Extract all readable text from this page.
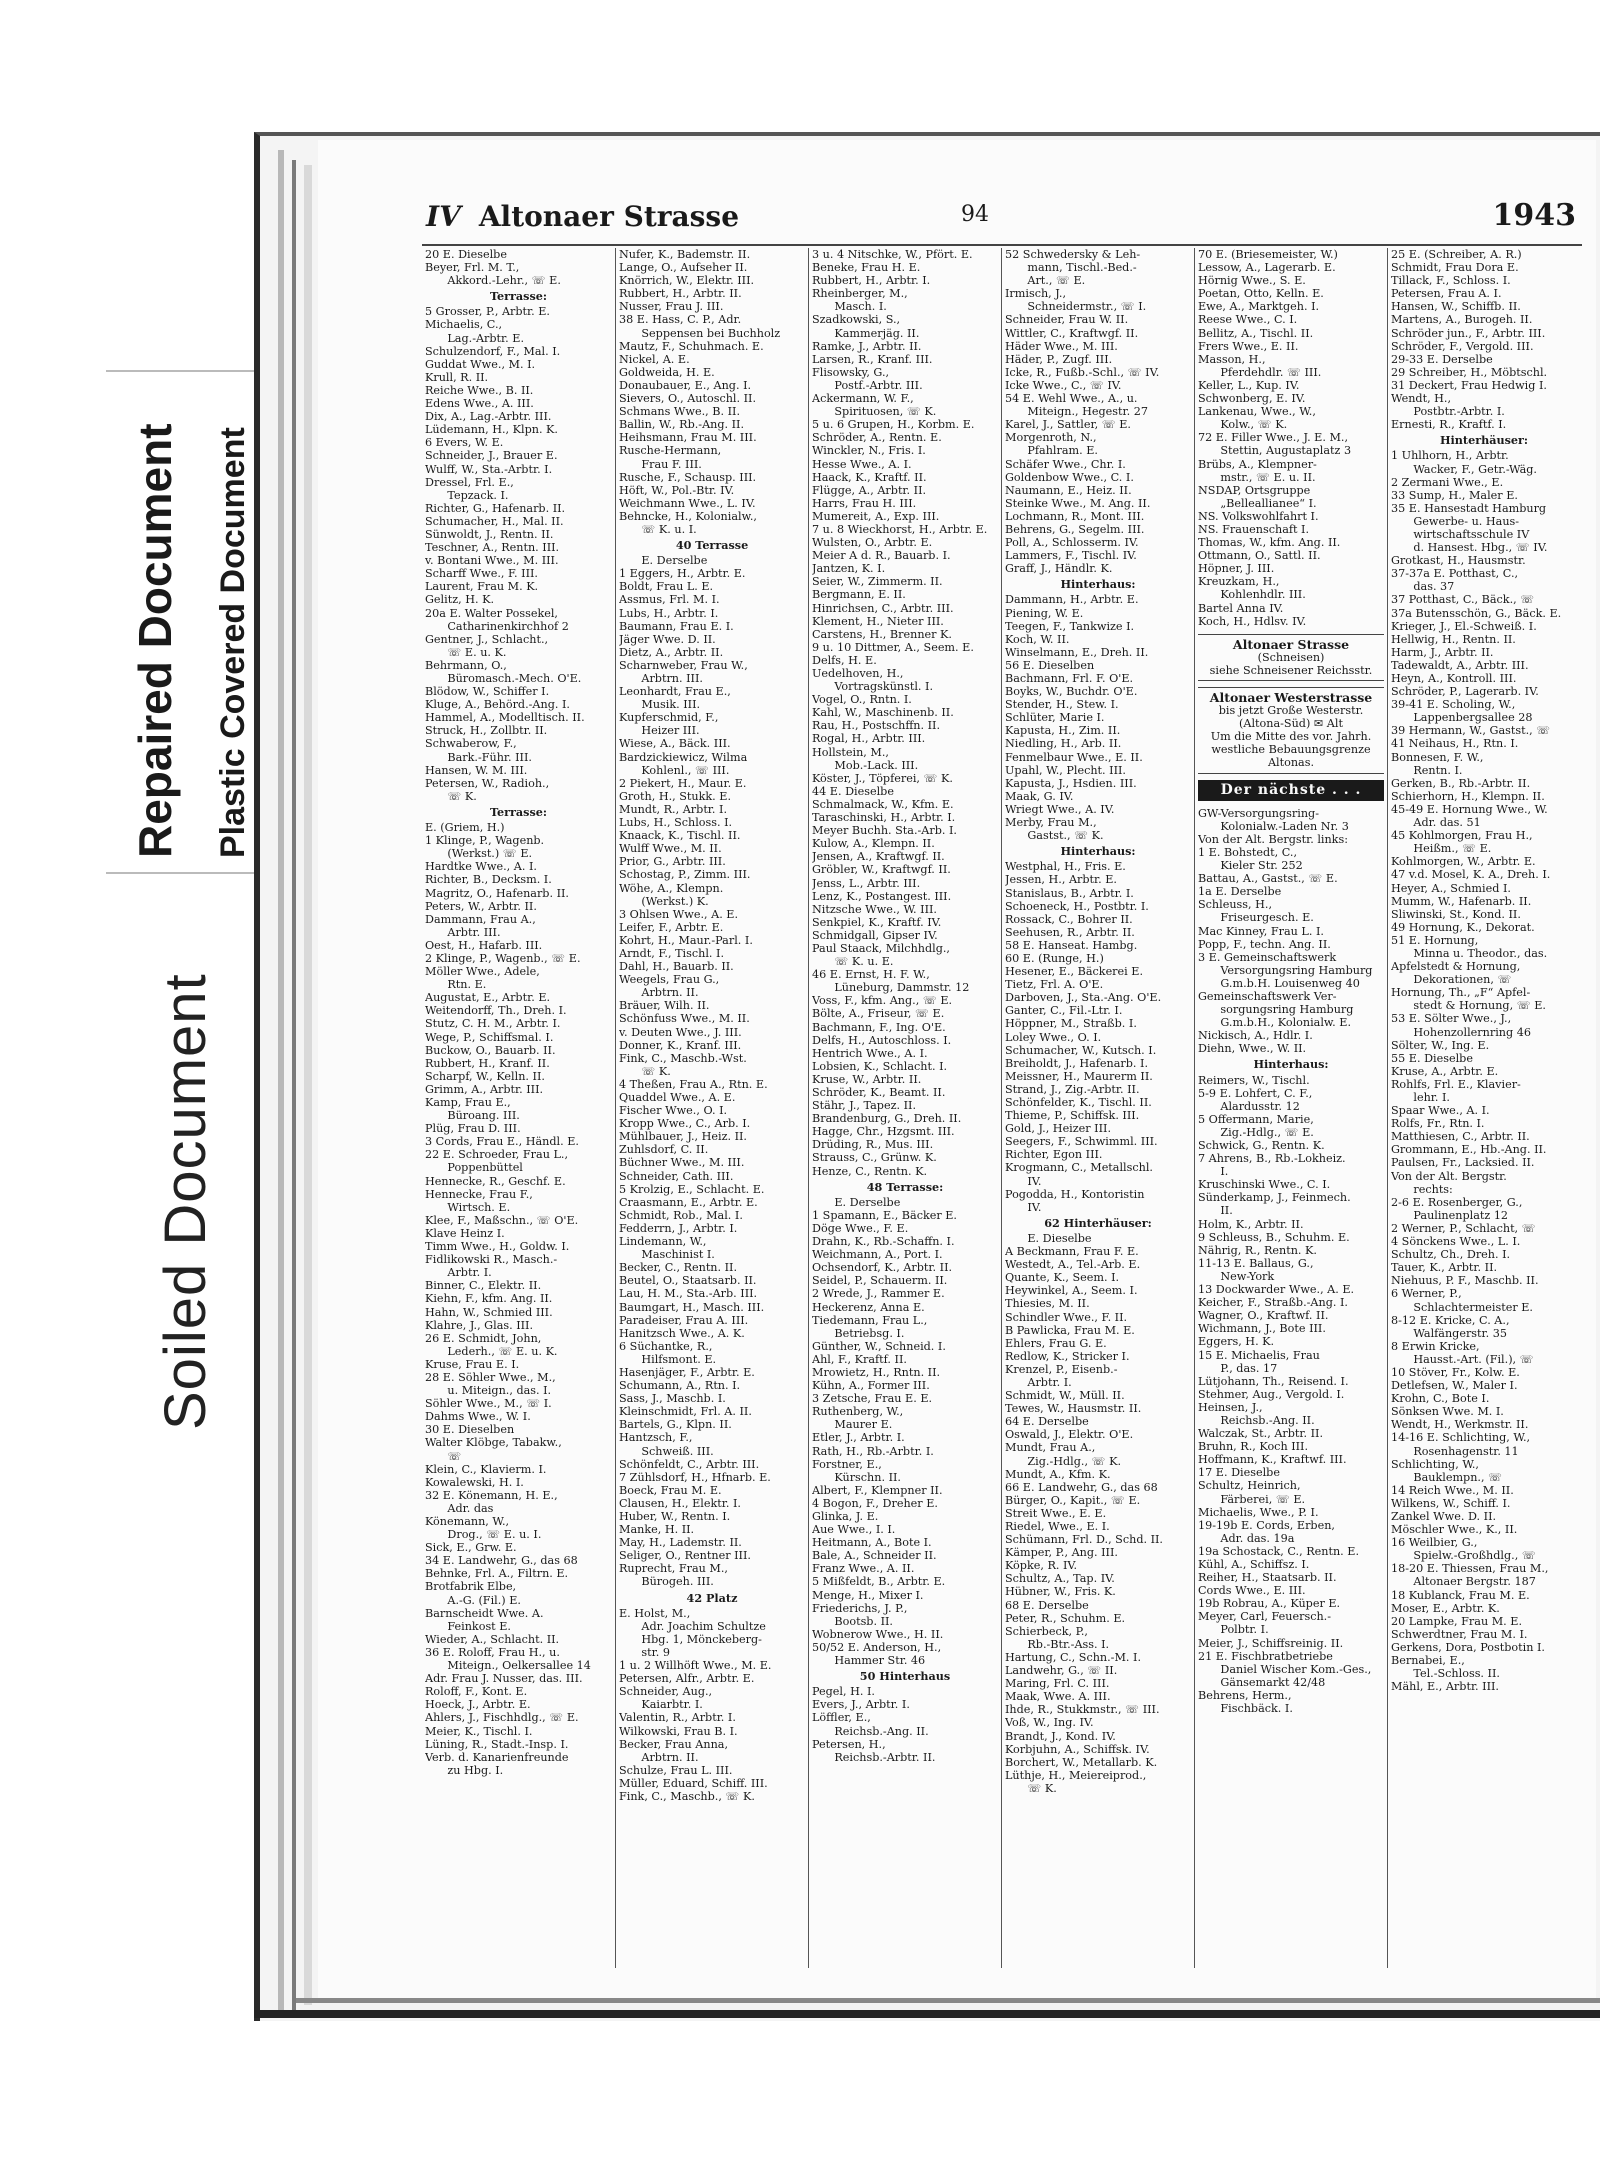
Repaired Document Plastic Covered Document
Soiled Document
IV Altonaer Strasse	94	1943
20 E. Dieselbe
Beyer, Frl. M. T.,
  Akkord.-Lehr., ☏ E.
Terrasse:
5 Grosser, P., Arbtr. E.
Michaelis, C.,
  Lag.-Arbtr. E.
Schulzendorf, F., Mal. I.
Guddat Wwe., M. I.
Krull, R. II.
Reiche Wwe., B. II.
Edens Wwe., A. III.
Dix, A., Lag.-Arbtr. III.
Lüdemann, H., Klpn. K.
6 Evers, W. E.
Schneider, J., Brauer E.
Wulff, W., Sta.-Arbtr. I.
Dressel, Frl. E.,
  Tepzack. I.
Richter, G., Hafenarb. II.
Schumacher, H., Mal. II.
Sünwoldt, J., Rentn. II.
Teschner, A., Rentn. III.
v. Bontani Wwe., M. III.
Scharff Wwe., F. III.
Laurent, Frau M. K.
Gelitz, H. K.
20a E. Walter Possekel,
  Catharinenkirchhof 2
Gentner, J., Schlacht.,
  ☏ E. u. K.
Behrmann, O.,
  Büromasch.-Mech. O'E.
Blödow, W., Schiffer I.
Kluge, A., Behörd.-Ang. I.
Hammel, A., Modelltisch. II.
Struck, H., Zollbtr. II.
Schwaberow, F.,
  Bark.-Führ. III.
Hansen, W. M. III.
Petersen, W., Radioh.,
  ☏ K.
Terrasse:
E. (Griem, H.)
1 Klinge, P., Wagenb.
  (Werkst.) ☏ E.
Hardtke Wwe., A. I.
Richter, B., Decksm. I.
Magritz, O., Hafenarb. II.
Peters, W., Arbtr. II.
Dammann, Frau A.,
  Arbtr. III.
Oest, H., Hafarb. III.
2 Klinge, P., Wagenb., ☏ E.
Möller Wwe., Adele,
  Rtn. E.
Augustat, E., Arbtr. E.
Weitendorff, Th., Dreh. I.
Stutz, C. H. M., Arbtr. I.
Wege, P., Schiffsmal. I.
Buckow, O., Bauarb. II.
Rubbert, H., Kranf. II.
Scharpf, W., Kelln. II.
Grimm, A., Arbtr. III.
Kamp, Frau E.,
  Büroang. III.
Plüg, Frau D. III.
3 Cords, Frau E., Händl. E.
22 E. Schroeder, Frau L.,
  Poppenbüttel
Hennecke, R., Geschf. E.
Hennecke, Frau F.,
  Wirtsch. E.
Klee, F., Maßschn., ☏ O'E.
Klave Heinz I.
Timm Wwe., H., Goldw. I.
Fidlikowski R., Masch.-
  Arbtr. I.
Binner, C., Elektr. II.
Kiehn, F., kfm. Ang. II.
Hahn, W., Schmied III.
Klahre, J., Glas. III.
26 E. Schmidt, John,
  Lederh., ☏ E. u. K.
Kruse, Frau E. I.
28 E. Söhler Wwe., M.,
  u. Miteign., das. I.
Söhler Wwe., M., ☏ I.
Dahms Wwe., W. I.
30 E. Dieselben
Walter Klöbge, Tabakw.,
  ☏
Klein, C., Klavierm. I.
Kowalewski, H. I.
32 E. Könemann, H. E.,
  Adr. das
Könemann, W.,
  Drog., ☏ E. u. I.
Sick, E., Grw. E.
34 E. Landwehr, G., das 68
Behnke, Frl. A., Filtrn. E.
Brotfabrik Elbe,
  A.-G. (Fil.) E.
Barnscheidt Wwe. A.
  Feinkost E.
Wieder, A., Schlacht. II.
36 E. Roloff, Frau H., u.
  Miteign., Oelkersallee 14
Adr. Frau J. Nusser, das. III.
Roloff, F., Kont. E.
Hoeck, J., Arbtr. E.
Ahlers, J., Fischhdlg., ☏ E.
Meier, K., Tischl. I.
Lüning, R., Stadt.-Insp. I.
Verb. d. Kanarienfreunde
  zu Hbg. I.
Nufer, K., Bademstr. II.
Lange, O., Aufseher II.
Knörrich, W., Elektr. III.
Rubbert, H., Arbtr. II.
Nusser, Frau J. III.
38 E. Hass, C. P., Adr.
  Seppensen bei Buchholz
Mautz, F., Schuhmach. E.
Nickel, A. E.
Goldweida, H. E.
Donaubauer, E., Ang. I.
Sievers, O., Autoschl. II.
Schmans Wwe., B. II.
Ballin, W., Rb.-Ang. II.
Heihsmann, Frau M. III.
Rusche-Hermann,
  Frau F. III.
Rusche, F., Schausp. III.
Höft, W., Pol.-Btr. IV.
Weichmann Wwe., L. IV.
Behncke, H., Kolonialw.,
  ☏ K. u. I.
40 Terrasse
  E. Derselbe
1 Eggers, H., Arbtr. E.
Boldt, Frau L. E.
Assmus, Frl. M. I.
Lubs, H., Arbtr. I.
Baumann, Frau E. I.
Jäger Wwe. D. II.
Dietz, A., Arbtr. II.
Scharnweber, Frau W.,
  Arbtrn. III.
Leonhardt, Frau E.,
  Musik. III.
Kupferschmid, F.,
  Heizer III.
Wiese, A., Bäck. III.
Bardzickiewicz, Wilma
  Kohlenl., ☏ III.
2 Piekert, H., Maur. E.
Groth, H., Stukk. E.
Mundt, R., Arbtr. I.
Lubs, H., Schloss. I.
Knaack, K., Tischl. II.
Wulff Wwe., M. II.
Prior, G., Arbtr. III.
Schostag, P., Zimm. III.
Wöhe, A., Klempn.
  (Werkst.) K.
3 Ohlsen Wwe., A. E.
Leifer, F., Arbtr. E.
Kohrt, H., Maur.-Parl. I.
Arndt, F., Tischl. I.
Dahl, H., Bauarb. II.
Weegels, Frau G.,
  Arbtrn. II.
Bräuer, Wilh. II.
Schönfuss Wwe., M. II.
v. Deuten Wwe., J. III.
Donner, K., Kranf. III.
Fink, C., Maschb.-Wst.
  ☏ K.
4 Theßen, Frau A., Rtn. E.
Quaddel Wwe., A. E.
Fischer Wwe., O. I.
Kropp Wwe., C., Arb. I.
Mühlbauer, J., Heiz. II.
Zuhlsdorf, C. II.
Büchner Wwe., M. III.
Schneider, Cath. III.
5 Krolzig, E., Schlacht. E.
Craasmann, E., Arbtr. E.
Schmidt, Rob., Mal. I.
Fedderrn, J., Arbtr. I.
Lindemann, W.,
  Maschinist I.
Becker, C., Rentn. II.
Beutel, O., Staatsarb. II.
Lau, H. M., Sta.-Arb. III.
Baumgart, H., Masch. III.
Paradeiser, Frau A. III.
Hanitzsch Wwe., A. K.
6 Süchantke, R.,
  Hilfsmont. E.
Hasenjäger, F., Arbtr. E.
Schumann, A., Rtn. I.
Sass, J., Maschb. I.
Kleinschmidt, Frl. A. II.
Bartels, G., Klpn. II.
Hantzsch, F.,
  Schweiß. III.
Schönfeldt, C., Arbtr. III.
7 Zühlsdorf, H., Hfnarb. E.
Boeck, Frau M. E.
Clausen, H., Elektr. I.
Huber, W., Rentn. I.
Manke, H. II.
May, H., Lademstr. II.
Seliger, O., Rentner III.
Ruprecht, Frau M.,
  Bürogeh. III.
42 Platz
E. Holst, M.,
  Adr. Joachim Schultze
  Hbg. 1, Mönckeberg-
  str. 9
1 u. 2 Willhöft Wwe., M. E.
Petersen, Alfr., Arbtr. E.
Schneider, Aug.,
  Kaiarbtr. I.
Valentin, R., Arbtr. I.
Wilkowski, Frau B. I.
Becker, Frau Anna,
  Arbtrn. II.
Schulze, Frau L. III.
Müller, Eduard, Schiff. III.
Fink, C., Maschb., ☏ K.
3 u. 4 Nitschke, W., Pfört. E.
Beneke, Frau H. E.
Rubbert, H., Arbtr. I.
Rheinberger, M.,
  Masch. I.
Szadkowski, S.,
  Kammerjäg. II.
Ramke, J., Arbtr. II.
Larsen, R., Kranf. III.
Flisowsky, G.,
  Postf.-Arbtr. III.
Ackermann, W. F.,
  Spirituosen, ☏ K.
5 u. 6 Grupen, H., Korbm. E.
Schröder, A., Rentn. E.
Winckler, N., Fris. I.
Hesse Wwe., A. I.
Haack, K., Kraftf. II.
Flügge, A., Arbtr. II.
Harrs, Frau H. III.
Mumereit, A., Exp. III.
7 u. 8 Wieckhorst, H., Arbtr. E.
Wulsten, O., Arbtr. E.
Meier A d. R., Bauarb. I.
Jantzen, K. I.
Seier, W., Zimmerm. II.
Bergmann, E. II.
Hinrichsen, C., Arbtr. III.
Klement, H., Nieter III.
Carstens, H., Brenner K.
9 u. 10 Dittmer, A., Seem. E.
Delfs, H. E.
Uedelhoven, H.,
  Vortragskünstl. I.
Vogel, O., Rntn. I.
Kahl, W., Maschinenb. II.
Rau, H., Postschffn. II.
Rogal, H., Arbtr. III.
Hollstein, M.,
  Mob.-Lack. III.
Köster, J., Töpferei, ☏ K.
44 E. Dieselbe
Schmalmack, W., Kfm. E.
Taraschinski, H., Arbtr. I.
Meyer Buchh. Sta.-Arb. I.
Kulow, A., Klempn. II.
Jensen, A., Kraftwgf. II.
Gröbler, W., Kraftwgf. II.
Jenss, L., Arbtr. III.
Lenz, K., Postangest. III.
Nitzsche Wwe., W. III.
Senkpiel, K., Kraftf. IV.
Schmidgall, Gipser IV.
Paul Staack, Milchhdlg.,
  ☏ K. u. E.
46 E. Ernst, H. F. W.,
  Lüneburg, Dammstr. 12
Voss, F., kfm. Ang., ☏ E.
Bölte, A., Friseur, ☏ E.
Bachmann, F., Ing. O'E.
Delfs, H., Autoschloss. I.
Hentrich Wwe., A. I.
Lobsien, K., Schlacht. I.
Kruse, W., Arbtr. II.
Schröder, K., Beamt. II.
Stähr, J., Tapez. II.
Brandenburg, G., Dreh. II.
Hagge, Chr., Hzgsmt. III.
Drüding, R., Mus. III.
Strauss, C., Grünw. K.
Henze, C., Rentn. K.
48 Terrasse:
  E. Derselbe
1 Spamann, E., Bäcker E.
Döge Wwe., F. E.
Drahn, K., Rb.-Schaffn. I.
Weichmann, A., Port. I.
Ochsendorf, K., Arbtr. II.
Seidel, P., Schauerm. II.
2 Wrede, J., Rammer E.
Heckerenz, Anna E.
Tiedemann, Frau L.,
  Betriebsg. I.
Günther, W., Schneid. I.
Ahl, F., Kraftf. II.
Mrowietz, H., Rntn. II.
Kühn, A., Former III.
3 Zetsche, Frau E. E.
Ruthenberg, W.,
  Maurer E.
Etler, J., Arbtr. I.
Rath, H., Rb.-Arbtr. I.
Forstner, E.,
  Kürschn. II.
Albert, F., Klempner II.
4 Bogon, F., Dreher E.
Glinka, J. E.
Aue Wwe., I. I.
Heitmann, A., Bote I.
Bale, A., Schneider II.
Franz Wwe., A. II.
5 Mißfeldt, B., Arbtr. E.
Menge, H., Mixer I.
Friederichs, J. P.,
  Bootsb. II.
Wobnerow Wwe., H. II.
50/52 E. Anderson, H.,
  Hammer Str. 46
50 Hinterhaus
Pegel, H. I.
Evers, J., Arbtr. I.
Löffler, E.,
  Reichsb.-Ang. II.
Petersen, H.,
  Reichsb.-Arbtr. II.
52 Schwedersky & Leh-
  mann, Tischl.-Bed.-
  Art., ☏ E.
Irmisch, J.,
  Schneidermstr., ☏ I.
Schneider, Frau W. II.
Wittler, C., Kraftwgf. II.
Häder Wwe., M. III.
Häder, P., Zugf. III.
Icke, R., Fußb.-Schl., ☏ IV.
Icke Wwe., C., ☏ IV.
54 E. Wehl Wwe., A., u.
  Miteign., Hegestr. 27
Karel, J., Sattler, ☏ E.
Morgenroth, N.,
  Pfahlram. E.
Schäfer Wwe., Chr. I.
Goldenbow Wwe., C. I.
Naumann, E., Heiz. II.
Steinke Wwe., M. Ang. II.
Lochmann, R., Mont. III.
Behrens, G., Segelm. III.
Poll, A., Schlosserm. IV.
Lammers, F., Tischl. IV.
Graff, J., Händlr. K.
Hinterhaus:
Dammann, H., Arbtr. E.
Piening, W. E.
Teegen, F., Tankwize I.
Koch, W. II.
Winselmann, E., Dreh. II.
56 E. Dieselben
Bachmann, Frl. F. O'E.
Boyks, W., Buchdr. O'E.
Stender, H., Stew. I.
Schlüter, Marie I.
Kapusta, H., Zim. II.
Niedling, H., Arb. II.
Fenmelbaur Wwe., E. II.
Upahl, W., Plecht. III.
Kapusta, J., Hsdien. III.
Maak, G. IV.
Wriegt Wwe., A. IV.
Merby, Frau M.,
  Gastst., ☏ K.
Hinterhaus:
Westphal, H., Fris. E.
Jessen, H., Arbtr. E.
Stanislaus, B., Arbtr. I.
Schoeneck, H., Postbtr. I.
Rossack, C., Bohrer II.
Seehusen, R., Arbtr. II.
58 E. Hanseat. Hambg.
60 E. (Runge, H.)
Hesener, E., Bäckerei E.
Tietz, Frl. A. O'E.
Darboven, J., Sta.-Ang. O'E.
Ganter, C., Fil.-Ltr. I.
Höppner, M., Straßb. I.
Loley Wwe., O. I.
Schumacher, W., Kutsch. I.
Breiholdt, J., Hafenarb. I.
Meissner, H., Maurerm II.
Strand, J., Zig.-Arbtr. II.
Schönfelder, K., Tischl. II.
Thieme, P., Schiffsk. III.
Gold, J., Heizer III.
Seegers, F., Schwimml. III.
Richter, Egon III.
Krogmann, C., Metallschl.
  IV.
Pogodda, H., Kontoristin
  IV.
62 Hinterhäuser:
  E. Dieselbe
A Beckmann, Frau F. E.
Westedt, A., Tel.-Arb. E.
Quante, K., Seem. I.
Heywinkel, A., Seem. I.
Thiesies, M. II.
Schindler Wwe., F. II.
B Pawlicka, Frau M. E.
Ehlers, Frau G. E.
Redlow, K., Stricker I.
Krenzel, P., Eisenb.-
  Arbtr. I.
Schmidt, W., Müll. II.
Tewes, W., Hausmstr. II.
64 E. Derselbe
Oswald, J., Elektr. O'E.
Mundt, Frau A.,
  Zig.-Hdlg., ☏ K.
Mundt, A., Kfm. K.
66 E. Landwehr, G., das 68
Bürger, O., Kapit., ☏ E.
Streit Wwe., E. E.
Riedel, Wwe., E. I.
Schümann, Frl. D., Schd. II.
Kämper, P., Ang. III.
Köpke, R. IV.
Schultz, A., Tap. IV.
Hübner, W., Fris. K.
68 E. Derselbe
Peter, R., Schuhm. E.
Schierbeck, P.,
  Rb.-Btr.-Ass. I.
Hartung, C., Schn.-M. I.
Landwehr, G., ☏ II.
Maring, Frl. C. III.
Maak, Wwe. A. III.
Ihde, R., Stukkmstr., ☏ III.
Voß, W., Ing. IV.
Brandt, J., Kond. IV.
Korbjuhn, A., Schiffsk. IV.
Borchert, W., Metallarb. K.
Lüthje, H., Meiereiprod.,
  ☏ K.
70 E. (Briesemeister, W.)
Lessow, A., Lagerarb. E.
Hörnig Wwe., S. E.
Poetan, Otto, Kelln. E.
Ewe, A., Marktgeh. I.
Reese Wwe., C. I.
Bellitz, A., Tischl. II.
Frers Wwe., E. II.
Masson, H.,
  Pferdehdlr. ☏ III.
Keller, L., Kup. IV.
Schwonberg, E. IV.
Lankenau, Wwe., W.,
  Kolw., ☏ K.
72 E. Filler Wwe., J. E. M.,
  Stettin, Augustaplatz 3
Brübs, A., Klempner-
  mstr., ☏ E. u. II.
NSDAP, Ortsgruppe
  „Belleallianee“ I.
NS. Volkswohlfahrt I.
NS. Frauenschaft I.
Thomas, W., kfm. Ang. II.
Ottmann, O., Sattl. II.
Höpner, J. III.
Kreuzkam, H.,
  Kohlenhdlr. III.
Bartel Anna IV.
Koch, H., Hdlsv. IV.
Altonaer Strasse
(Schneisen)
siehe Schneisener Reichsstr.
Altonaer Westerstrasse
bis jetzt Große Westerstr.
(Altona-Süd) ✉ Alt
Um die Mitte des vor. Jahrh.
westliche Bebauungsgrenze
Altonas.
Der nächste . . .
GW-Versorgungsring-
  Kolonialw.-Laden Nr. 3
Von der Alt. Bergstr. links:
1 E. Bohstedt, C.,
  Kieler Str. 252
Battau, A., Gastst., ☏ E.
1a E. Derselbe
Schleuss, H.,
  Friseurgesch. E.
Mac Kinney, Frau L. I.
Popp, F., techn. Ang. II.
3 E. Gemeinschaftswerk
  Versorgungsring Hamburg
  G.m.b.H. Louisenweg 40
Gemeinschaftswerk Ver-
  sorgungsring Hamburg
  G.m.b.H., Kolonialw. E.
Nickisch, A., Hdlr. I.
Diehn, Wwe., W. II.
Hinterhaus:
Reimers, W., Tischl.
5-9 E. Lohfert, C. F.,
  Alardusstr. 12
5 Offermann, Marie,
  Zig.-Hdlg., ☏ E.
Schwick, G., Rentn. K.
7 Ahrens, B., Rb.-Lokheiz.
  I.
Kruschinski Wwe., C. I.
Sünderkamp, J., Feinmech.
  II.
Holm, K., Arbtr. II.
9 Schleuss, B., Schuhm. E.
Nährig, R., Rentn. K.
11-13 E. Ballaus, G.,
  New-York
13 Dockwarder Wwe., A. E.
Keicher, F., Straßb.-Ang. I.
Wagner, O., Kraftwf. II.
Wichmann, J., Bote III.
Eggers, H. K.
15 E. Michaelis, Frau
  P., das. 17
Lütjohann, Th., Reisend. I.
Stehmer, Aug., Vergold. I.
Heinsen, J.,
  Reichsb.-Ang. II.
Walczak, St., Arbtr. II.
Bruhn, R., Koch III.
Hoffmann, K., Kraftwf. III.
17 E. Dieselbe
Schultz, Heinrich,
  Färberei, ☏ E.
Michaelis, Wwe., P. I.
19-19b E. Cords, Erben,
  Adr. das. 19a
19a Schostack, C., Rentn. E.
Kühl, A., Schiffsz. I.
Reiher, H., Staatsarb. II.
Cords Wwe., E. III.
19b Robrau, A., Küper E.
Meyer, Carl, Feuersch.-
  Polbtr. I.
Meier, J., Schiffsreinig. II.
21 E. Fischbratbetriebe
  Daniel Wischer Kom.-Ges.,
  Gänsemarkt 42/48
Behrens, Herm.,
  Fischbäck. I.
25 E. (Schreiber, A. R.)
Schmidt, Frau Dora E.
Tillack, F., Schloss. I.
Petersen, Frau A. I.
Hansen, W., Schiffb. II.
Martens, A., Burogeh. II.
Schröder jun., F., Arbtr. III.
Schröder, F., Vergold. III.
29-33 E. Derselbe
29 Schreiber, H., Möbtschl.
31 Deckert, Frau Hedwig I.
Wendt, H.,
  Postbtr.-Arbtr. I.
Ernesti, R., Kraftf. I.
Hinterhäuser:
1 Uhlhorn, H., Arbtr.
  Wacker, F., Getr.-Wäg.
2 Zermani Wwe., E.
33 Sump, H., Maler E.
35 E. Hansestadt Hamburg
  Gewerbe- u. Haus-
  wirtschaftsschule IV
  d. Hansest. Hbg., ☏ IV.
Grotkast, H., Hausmstr.
37-37a E. Potthast, C.,
  das. 37
37 Potthast, C., Bäck., ☏
37a Butensschön, G., Bäck. E.
Krieger, J., El.-Schweiß. I.
Hellwig, H., Rentn. II.
Harm, J., Arbtr. II.
Tadewaldt, A., Arbtr. III.
Heyn, A., Kontroll. III.
Schröder, P., Lagerarb. IV.
39-41 E. Scholing, W.,
  Lappenbergsallee 28
39 Hermann, W., Gastst., ☏
41 Neihaus, H., Rtn. I.
Bonnesen, F. W.,
  Rentn. I.
Gerken, B., Rb.-Arbtr. II.
Schierhorn, H., Klempn. II.
45-49 E. Hornung Wwe., W.
  Adr. das. 51
45 Kohlmorgen, Frau H.,
  Heißm., ☏ E.
Kohlmorgen, W., Arbtr. E.
47 v.d. Mosel, K. A., Dreh. I.
Heyer, A., Schmied I.
Mumm, W., Hafenarb. II.
Sliwinski, St., Kond. II.
49 Hornung, K., Dekorat.
51 E. Hornung,
  Minna u. Theodor., das.
Apfelstedt & Hornung,
  Dekorationen, ☏
Hornung, Th., „F“ Apfel-
  stedt & Hornung, ☏ E.
53 E. Sölter Wwe., J.,
  Hohenzollernring 46
Sölter, W., Ing. E.
55 E. Dieselbe
Kruse, A., Arbtr. E.
Rohlfs, Frl. E., Klavier-
  lehr. I.
Spaar Wwe., A. I.
Rolfs, Fr., Rtn. I.
Matthiesen, C., Arbtr. II.
Grommann, E., Hb.-Ang. II.
Paulsen, Fr., Lacksied. II.
Von der Alt. Bergstr.
  rechts:
2-6 E. Rosenberger, G.,
  Paulinenplatz 12
2 Werner, P., Schlacht, ☏
4 Sönckens Wwe., L. I.
Schultz, Ch., Dreh. I.
Tauer, K., Arbtr. II.
Niehuus, P. F., Maschb. II.
6 Werner, P.,
  Schlachtermeister E.
8-12 E. Kricke, C. A.,
  Walfängerstr. 35
8 Erwin Kricke,
  Hausst.-Art. (Fil.), ☏
10 Stöver, Fr., Kolw. E.
Detlefsen, W., Maler I.
Krohn, C., Bote I.
Sönksen Wwe. M. I.
Wendt, H., Werkmstr. II.
14-16 E. Schlichting, W.,
  Rosenhagenstr. 11
Schlichting, W.,
  Bauklempn., ☏
14 Reich Wwe., M. II.
Wilkens, W., Schiff. I.
Zankel Wwe. D. II.
Möschler Wwe., K., II.
16 Weilbier, G.,
  Spielw.-Großhdlg., ☏
18-20 E. Thiessen, Frau M.,
  Altonaer Bergstr. 187
18 Kublanck, Frau M. E.
Moser, E., Arbtr. K.
20 Lampke, Frau M. E.
Schwerdtner, Frau M. I.
Gerkens, Dora, Postbotin I.
Bernabei, E.,
  Tel.-Schloss. II.
Mähl, E., Arbtr. III.
